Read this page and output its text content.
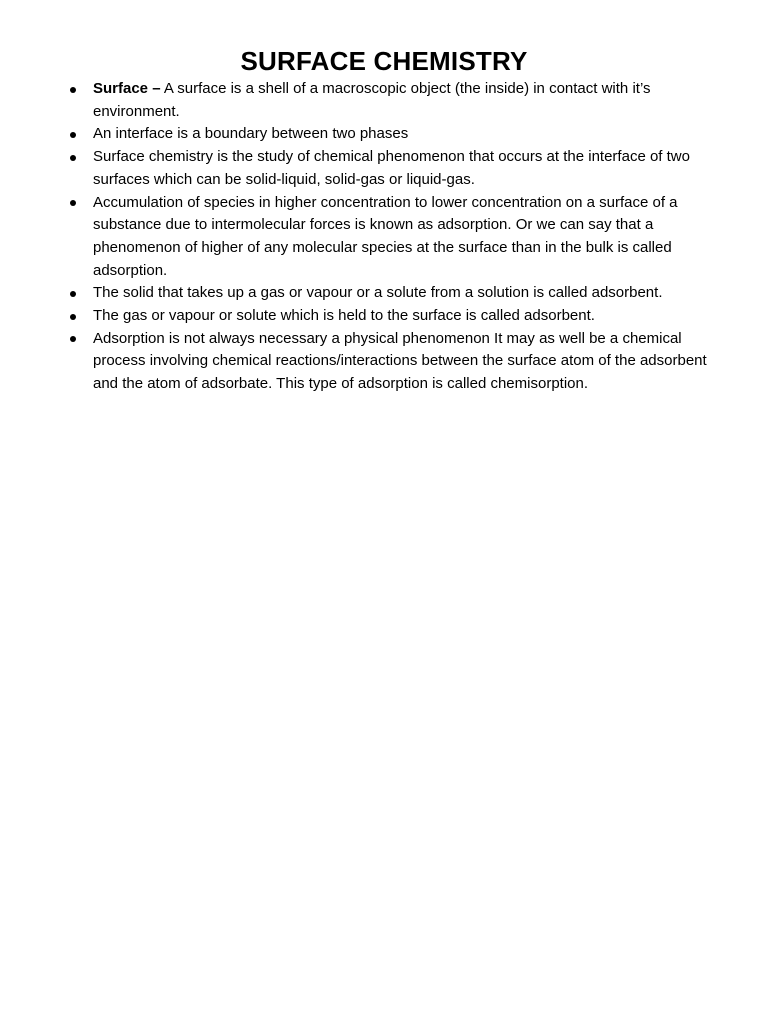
SURFACE CHEMISTRY
Surface – A surface is a shell of a macroscopic object (the inside) in contact with it’s environment.
An interface is a boundary between two phases
Surface chemistry is the study of chemical phenomenon that occurs at the interface of two surfaces which can be solid-liquid, solid-gas or liquid-gas.
Accumulation of species in higher concentration to lower concentration on a surface of a substance due to intermolecular forces is known as adsorption. Or we can say that a phenomenon of higher of any molecular species at the surface than in the bulk is called adsorption.
The solid that takes up a gas or vapour or a solute from a solution is called adsorbent.
The gas or vapour or solute which is held to the surface is called adsorbent.
Adsorption is not always necessary a physical phenomenon It may as well be a chemical process involving chemical reactions/interactions between the surface atom of the adsorbent and the atom of adsorbate. This type of adsorption is called chemisorption.
